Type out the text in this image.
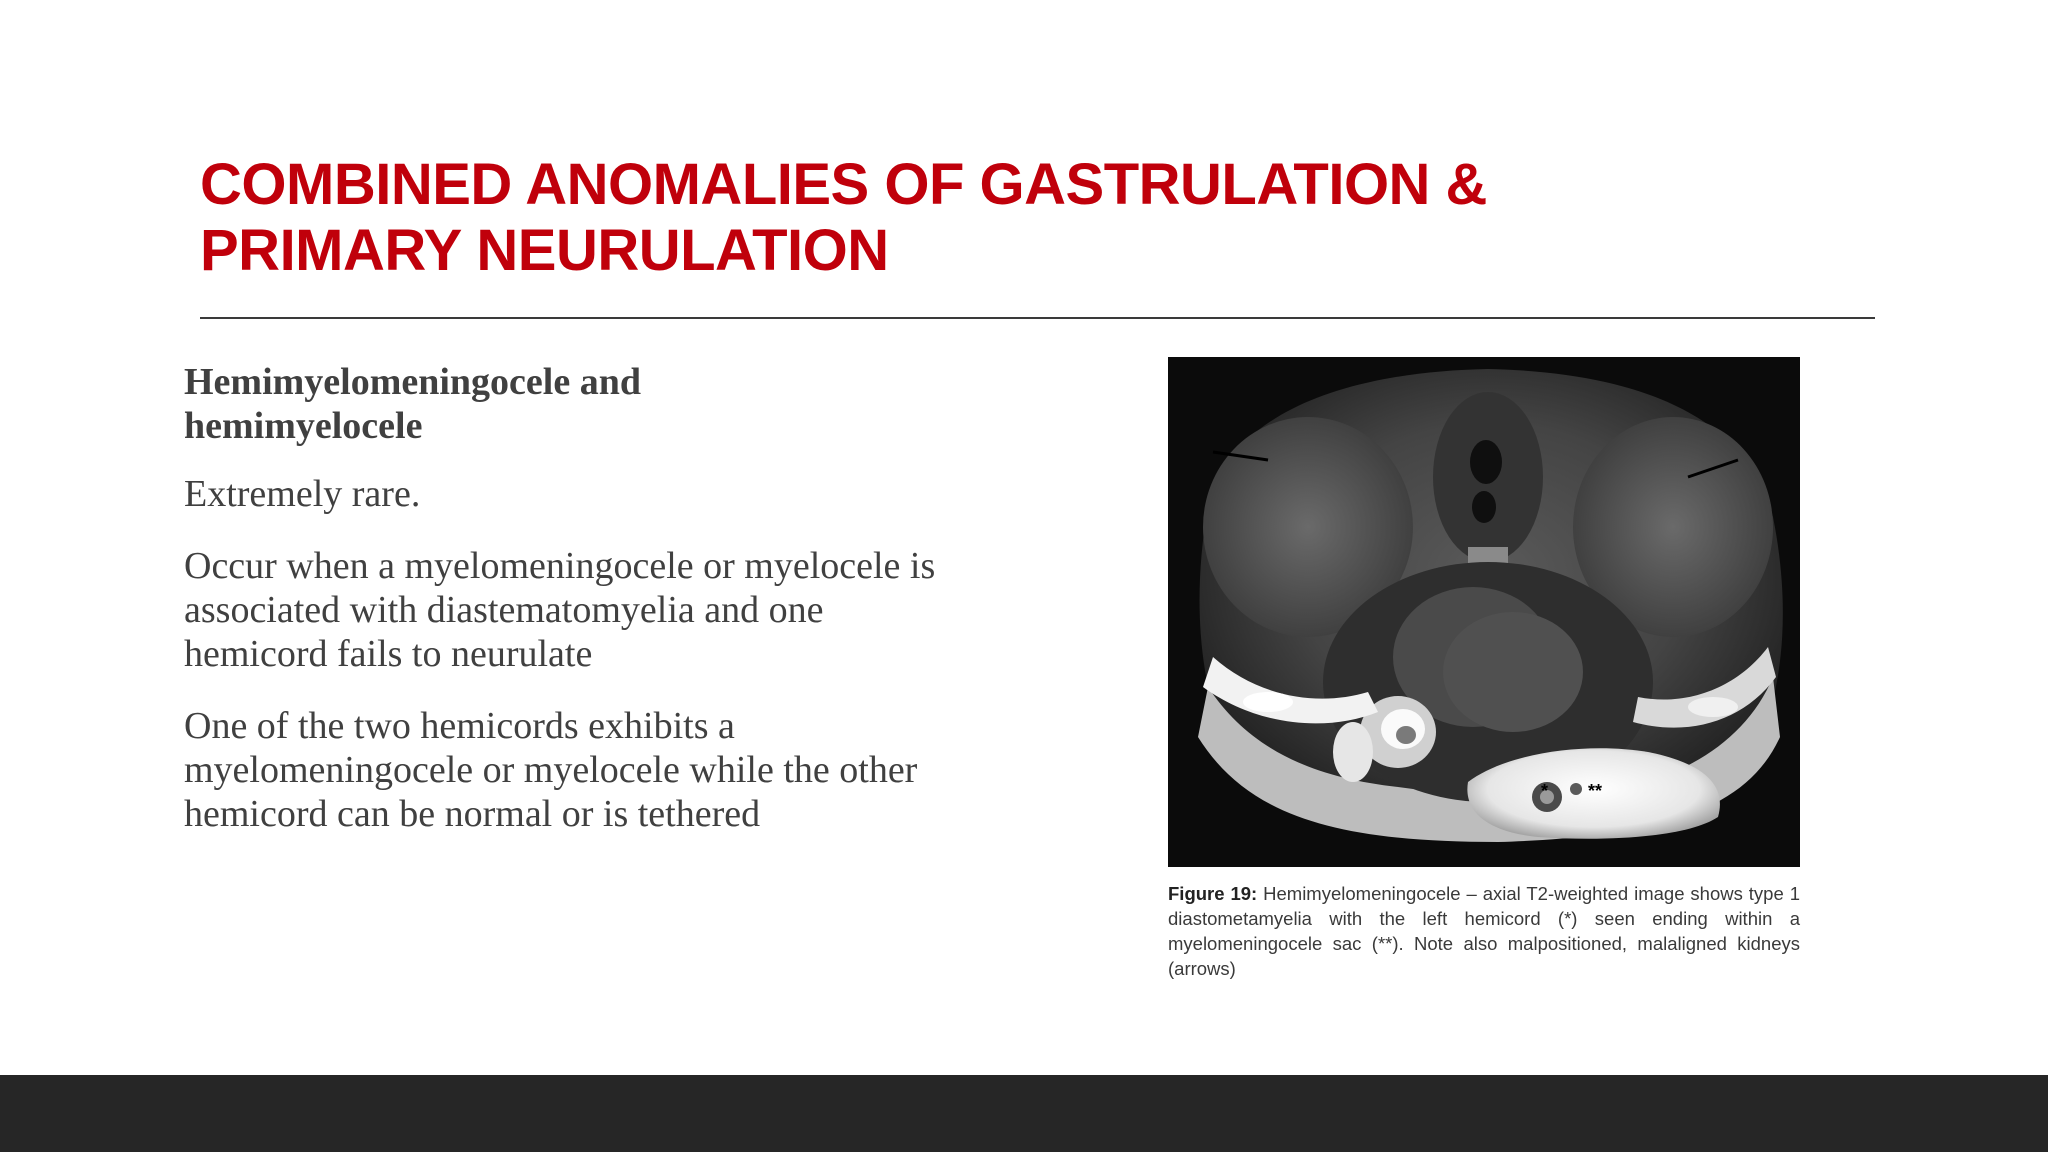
COMBINED ANOMALIES OF GASTRULATION &
PRIMARY NEURULATION
Hemimyelomeningocele and
hemimyelocele

Extremely rare.

Occur when a myelomeningocele or myelocele is associated with diastematomyelia and one hemicord fails to neurulate

One of the two hemicords exhibits a myelomeningocele or myelocele while the other hemicord can be normal or is tethered

* **
Figure 19: Hemimyelomeningocele – axial T2-weighted image shows type 1 diastometamyelia with the left hemicord (*) seen ending within a myelomeningocele sac (**). Note also malpositioned, malaligned kidneys (arrows)
